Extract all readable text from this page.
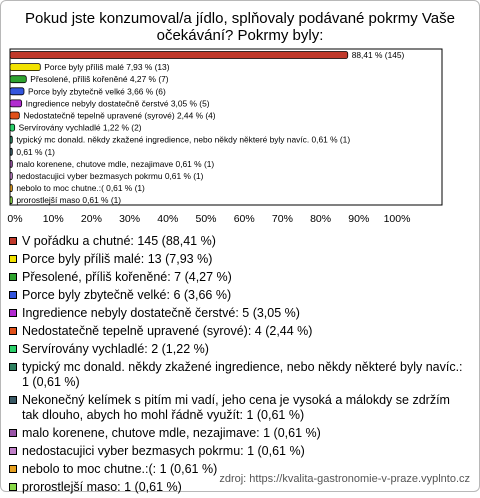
Pokud jste konzumoval/a jídlo, splňovaly podávané pokrmy Vaše
očekávání? Pokrmy byly:
88,41 % (145)
Porce byly příliš malé 7,93 % (13)
Přesolené, příliš kořeněné 4,27 % (7)
Porce byly zbytečně velké 3,66 % (6)
Ingredience nebyly dostatečně čerstvé 3,05 % (5)
Nedostatečně tepelně upravené (syrové) 2,44 % (4)
Servírovány vychladlé 1,22 % (2)
typický mc donald. někdy zkažené ingredience, nebo někdy některé byly navíc. 0,61 % (1)
0,61 % (1)
malo korenene, chutove mdle, nezajimave 0,61 % (1)
nedostacujici vyber bezmasych pokrmu 0,61 % (1)
nebolo to moc chutne.:( 0,61 % (1)
prorostlejší maso 0,61 % (1)
0% 10% 20% 30% 40% 50% 60% 70% 80% 90% 100%
V pořádku a chutné: 145 (88,41 %)
Porce byly příliš malé: 13 (7,93 %)
Přesolené, příliš kořeněné: 7 (4,27 %)
Porce byly zbytečně velké: 6 (3,66 %)
Ingredience nebyly dostatečně čerstvé: 5 (3,05 %)
Nedostatečně tepelně upravené (syrové): 4 (2,44 %)
Servírovány vychladlé: 2 (1,22 %)
typický mc donald. někdy zkažené ingredience, nebo někdy některé byly navíc.: 1 (0,61 %)
Nekonečný kelímek s pitím mi vadí, jeho cena je vysoká a málokdy se zdržím tak dlouho, abych ho mohl řádně využít: 1 (0,61 %)
malo korenene, chutove mdle, nezajimave: 1 (0,61 %)
nedostacujici vyber bezmasych pokrmu: 1 (0,61 %)
nebolo to moc chutne.:(: 1 (0,61 %)
prorostlejší maso: 1 (0,61 %)
zdroj: https://kvalita-gastronomie-v-praze.vyplnto.cz
